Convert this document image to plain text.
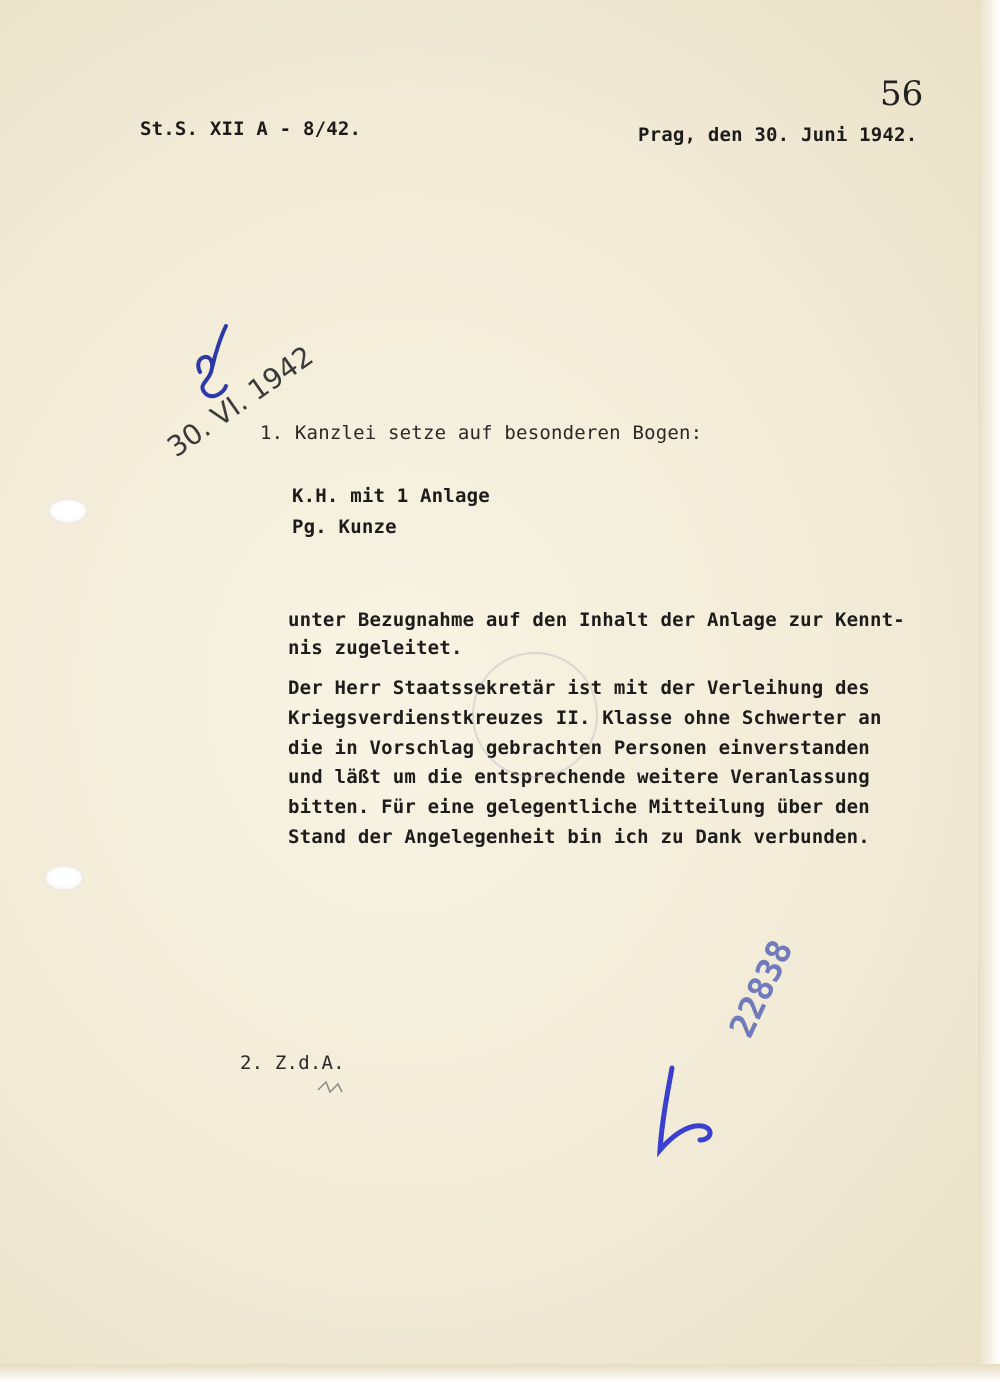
56
St.S. XII A - 8/42.	Prag, den 30. Juni 1942.
1. Kanzlei setze auf besonderen Bogen:
K.H. mit 1 Anlage
Pg. Kunze
unter Bezugnahme auf den Inhalt der Anlage zur Kennt-
nis zugeleitet.
Der Herr Staatssekretär ist mit der Verleihung des
Kriegsverdienstkreuzes II. Klasse ohne Schwerter an
die in Vorschlag gebrachten Personen einverstanden
und läßt um die entsprechende weitere Veranlassung
bitten. Für eine gelegentliche Mitteilung über den
Stand der Angelegenheit bin ich zu Dank verbunden.
2. Z.d.A.
30. VI. 1942
22838
